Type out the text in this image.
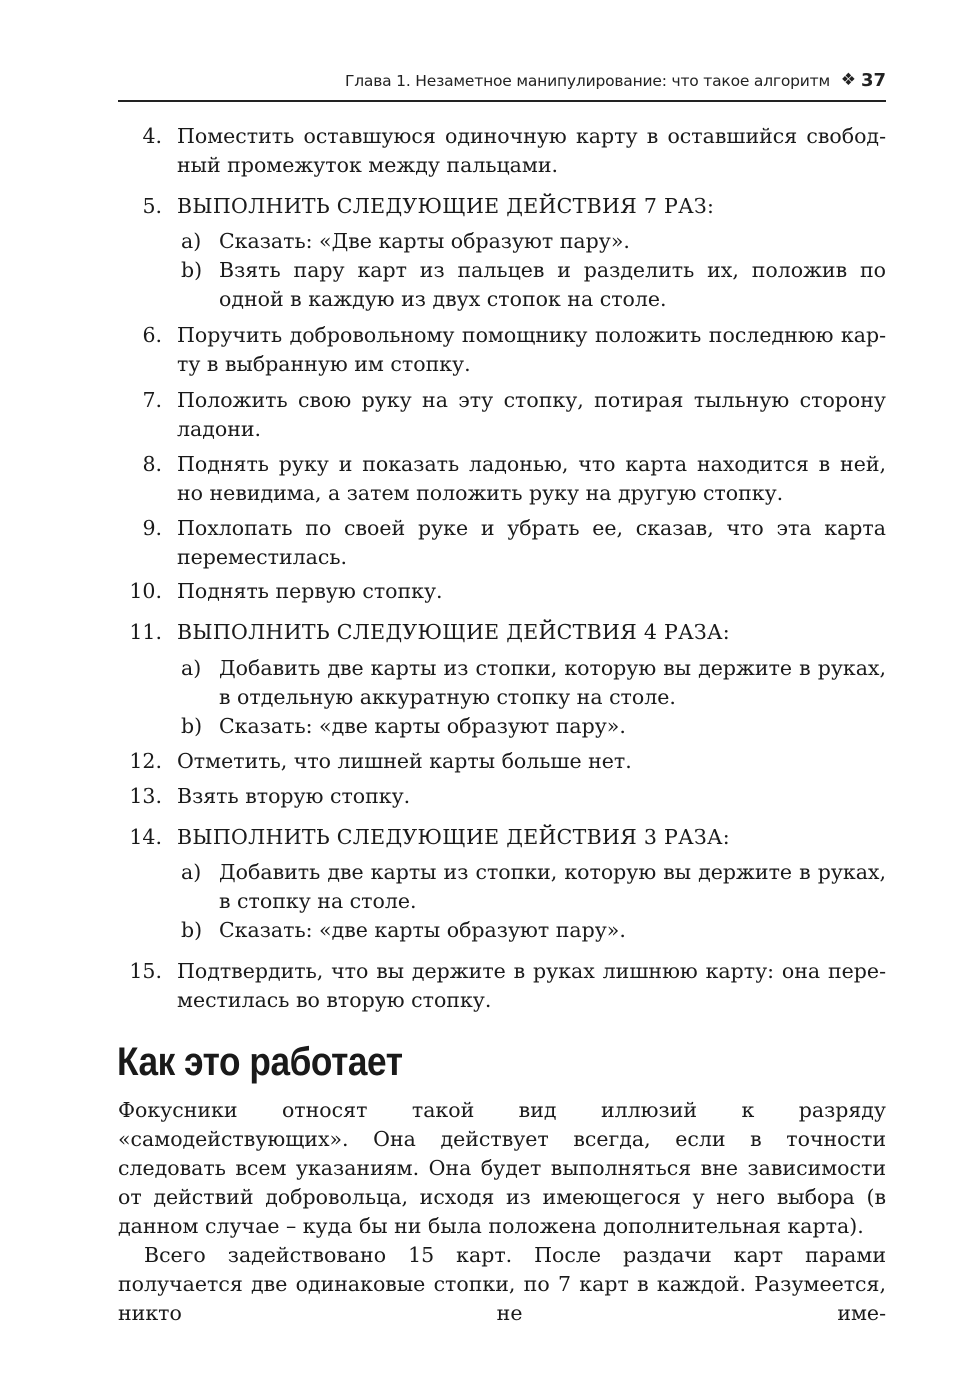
Глава 1. Незаметное манипулирование: что такое алгоритм ❖ 37
4. Поместить оставшуюся одиночную карту в оставшийся свободный промежуток между пальцами.
5. ВЫПОЛНИТЬ СЛЕДУЮЩИЕ ДЕЙСТВИЯ 7 РАЗ:
a) Сказать: «Две карты образуют пару».
b) Взять пару карт из пальцев и разделить их, положив по одной в каждую из двух стопок на столе.
6. Поручить добровольному помощнику положить последнюю карту в выбранную им стопку.
7. Положить свою руку на эту стопку, потирая тыльную сторону ладони.
8. Поднять руку и показать ладонью, что карта находится в ней, но невидима, а затем положить руку на другую стопку.
9. Похлопать по своей руке и убрать ее, сказав, что эта карта переместилась.
10. Поднять первую стопку.
11. ВЫПОЛНИТЬ СЛЕДУЮЩИЕ ДЕЙСТВИЯ 4 РАЗА:
a) Добавить две карты из стопки, которую вы держите в руках, в отдельную аккуратную стопку на столе.
b) Сказать: «две карты образуют пару».
12. Отметить, что лишней карты больше нет.
13. Взять вторую стопку.
14. ВЫПОЛНИТЬ СЛЕДУЮЩИЕ ДЕЙСТВИЯ 3 РАЗА:
a) Добавить две карты из стопки, которую вы держите в руках, в стопку на столе.
b) Сказать: «две карты образуют пару».
15. Подтвердить, что вы держите в руках лишнюю карту: она переместилась во вторую стопку.
Как это работает
Фокусники относят такой вид иллюзий к разряду «самодействующих». Она действует всегда, если в точности следовать всем указаниям. Она будет выполняться вне зависимости от действий добровольца, исходя из имеющегося у него выбора (в данном случае – куда бы ни была положена дополнительная карта).
Всего задействовано 15 карт. После раздачи карт парами получается две одинаковые стопки, по 7 карт в каждой. Разумеется, никто не име-
